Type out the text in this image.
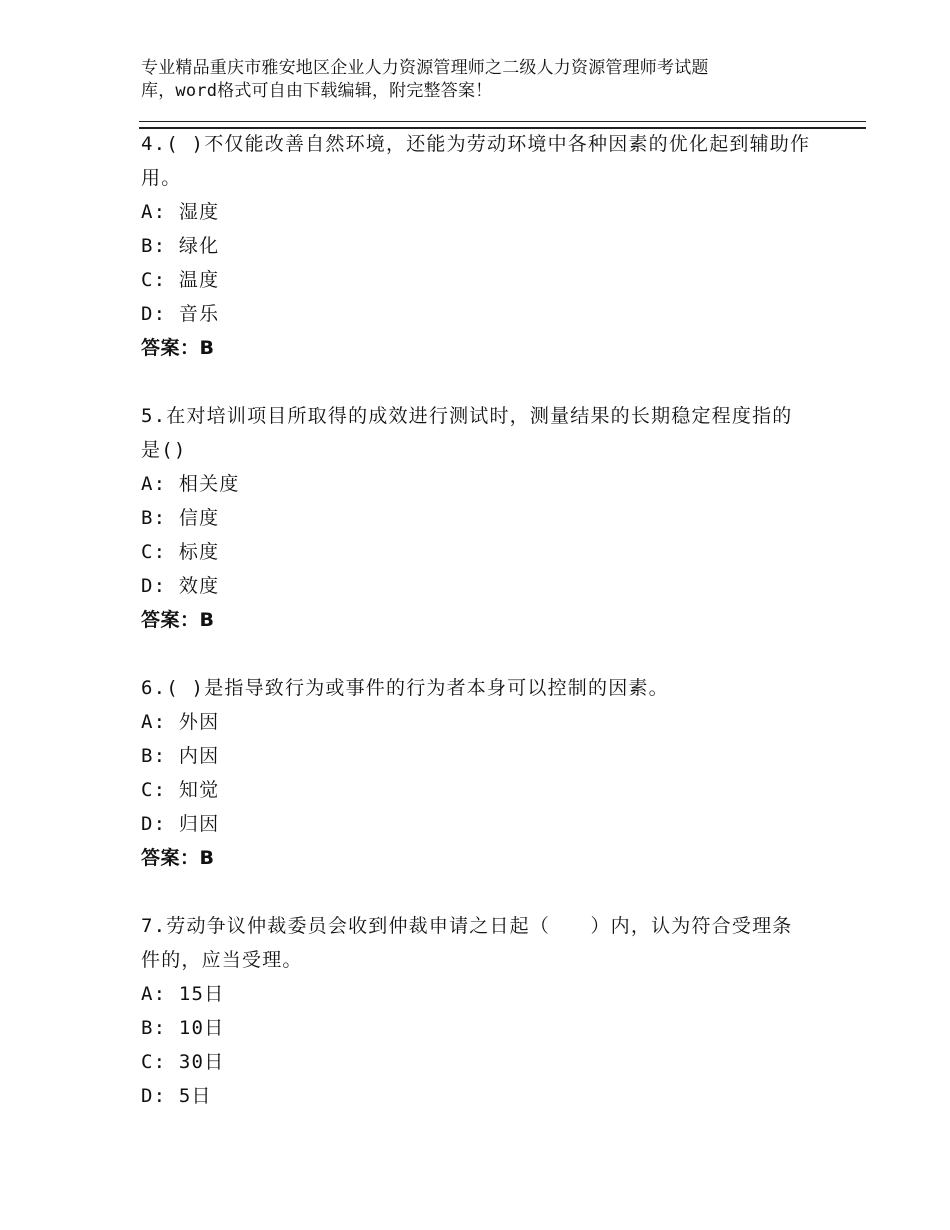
专业精品重庆市雅安地区企业人力资源管理师之二级人力资源管理师考试题
库，word格式可自由下载编辑，附完整答案！
4.( )不仅能改善自然环境，还能为劳动环境中各种因素的优化起到辅助作用。
A: 湿度
B: 绿化
C: 温度
D: 音乐
答案：B
5.在对培训项目所取得的成效进行测试时，测量结果的长期稳定程度指的是()
A: 相关度
B: 信度
C: 标度
D: 效度
答案：B
6.( )是指导致行为或事件的行为者本身可以控制的因素。
A: 外因
B: 内因
C: 知觉
D: 归因
答案：B
7.劳动争议仲裁委员会收到仲裁申请之日起（　　）内，认为符合受理条件的，应当受理。
A: 15日
B: 10日
C: 30日
D: 5日
